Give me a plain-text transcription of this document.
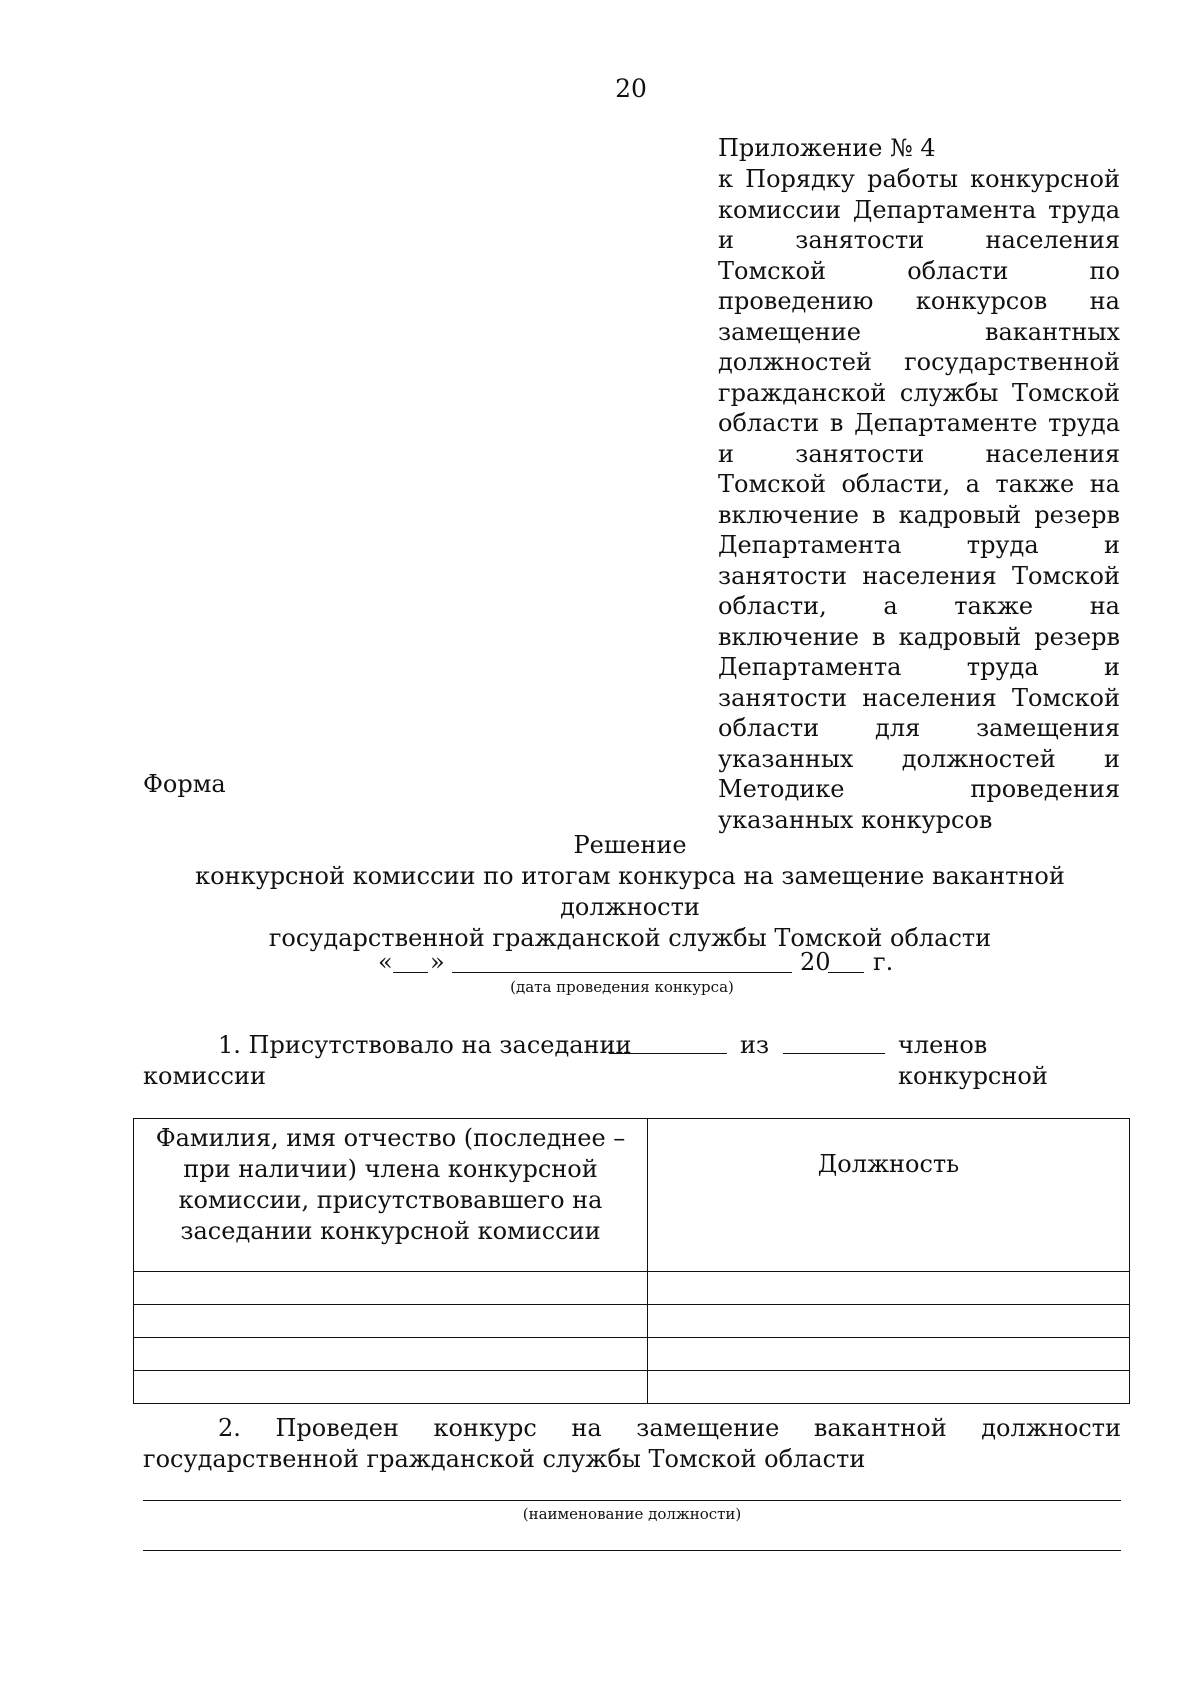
20
Приложение № 4
к Порядку работы конкурсной комиссии Департамента труда и занятости населения Томской области по проведению конкурсов на замещение вакантных должностей государственной гражданской службы Томской области в Департаменте труда и занятости населения Томской области, а также на включение в кадровый резерв Департамента труда и занятости населения Томской области, а также на включение в кадровый резерв Департамента труда и занятости населения Томской области для замещения указанных должностей и Методике проведения указанных конкурсов
Форма
Решение
конкурсной комиссии по итогам конкурса на замещение вакантной должности
государственной гражданской службы Томской области
« »	20 г.
(дата проведения конкурса)
1. Присутствовало на заседании	из	членов конкурсной
комиссии
Фамилия, имя отчество (последнее – при наличии) члена конкурсной комиссии, присутствовавшего на заседании конкурсной комиссии	Должность

2. Проведен конкурс на замещение вакантной должности государственной гражданской службы Томской области
(наименование должности)
